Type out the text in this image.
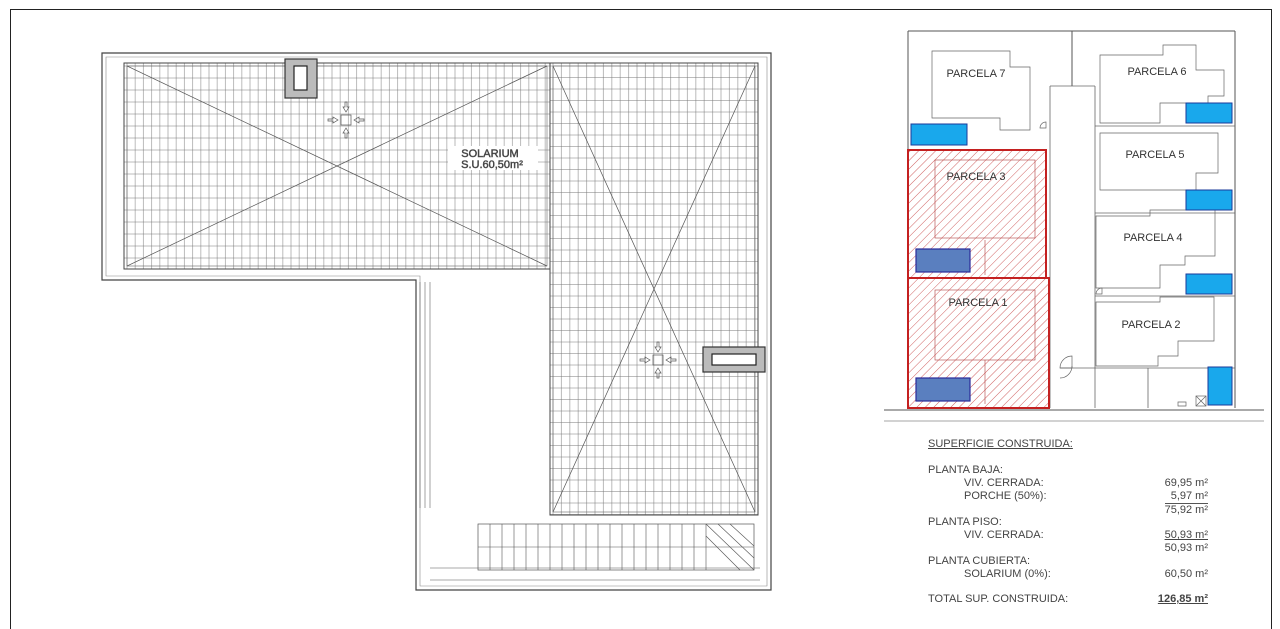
SOLARIUM
S.U.60,50m²
PARCELA 7	PARCELA 6
PARCELA 5
PARCELA 3
PARCELA 4
PARCELA 1
PARCELA 2
SUPERFICIE CONSTRUIDA:
PLANTA BAJA:
VIV. CERRADA:	69,95 m²
PORCHE (50%):	5,97 m²
75,92 m²
PLANTA PISO:
VIV. CERRADA:	50,93 m²
50,93 m²
PLANTA CUBIERTA:
SOLARIUM (0%):	60,50 m²
TOTAL SUP. CONSTRUIDA:	126,85 m²
